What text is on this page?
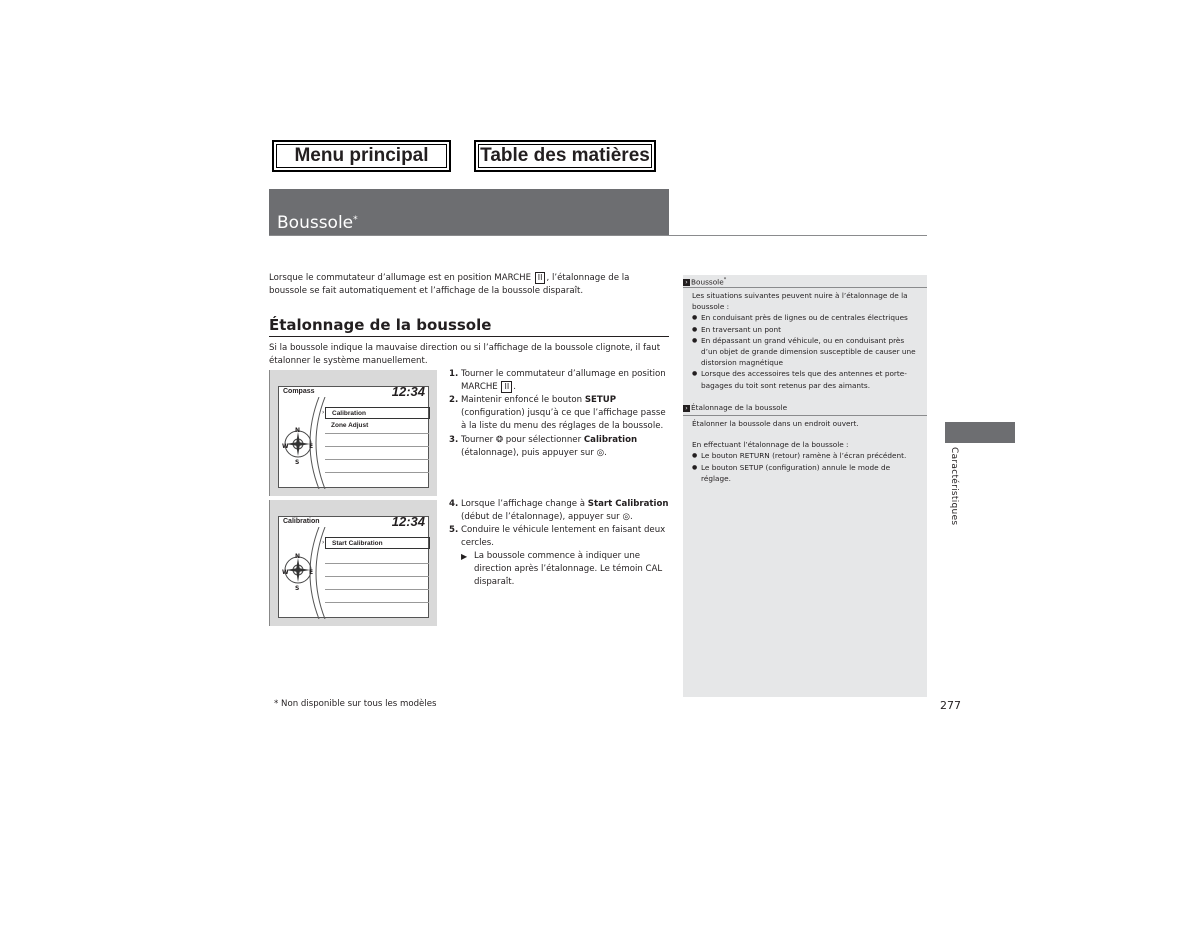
Menu principal	Table des matières
Boussole*
Lorsque le commutateur d’allumage est en position MARCHE II , l’étalonnage de la boussole se fait automatiquement et l’affichage de la boussole disparaît.
Étalonnage de la boussole
Si la boussole indique la mauvaise direction ou si l’affichage de la boussole clignote, il faut étalonner le système manuellement.
Compass	12:34
N
S
W	E
Calibration
›
Zone Adjust
Calibration	12:34
N
S
W	E
Start Calibration
›
1. Tourner le commutateur d’allumage en position MARCHE II .
2. Maintenir enfoncé le bouton SETUP (configuration) jusqu’à ce que l’affichage passe à la liste du menu des réglages de la boussole.
3. Tourner ❂ pour sélectionner Calibration (étalonnage), puis appuyer sur ◎.
4. Lorsque l’affichage change à Start Calibration (début de l’étalonnage), appuyer sur ◎.
5. Conduire le véhicule lentement en faisant deux cercles.
▶ La boussole commence à indiquer une direction après l’étalonnage. Le témoin CAL disparaît.
› Boussole*
Les situations suivantes peuvent nuire à l’étalonnage de la boussole :
● En conduisant près de lignes ou de centrales électriques
● En traversant un pont
● En dépassant un grand véhicule, ou en conduisant près d’un objet de grande dimension susceptible de causer une distorsion magnétique
● Lorsque des accessoires tels que des antennes et porte-bagages du toit sont retenus par des aimants.
› Étalonnage de la boussole
Étalonner la boussole dans un endroit ouvert.
En effectuant l’étalonnage de la boussole :
● Le bouton RETURN (retour) ramène à l’écran précédent.
● Le bouton SETUP (configuration) annule le mode de réglage.	Caractéristiques
* Non disponible sur tous les modèles	277
